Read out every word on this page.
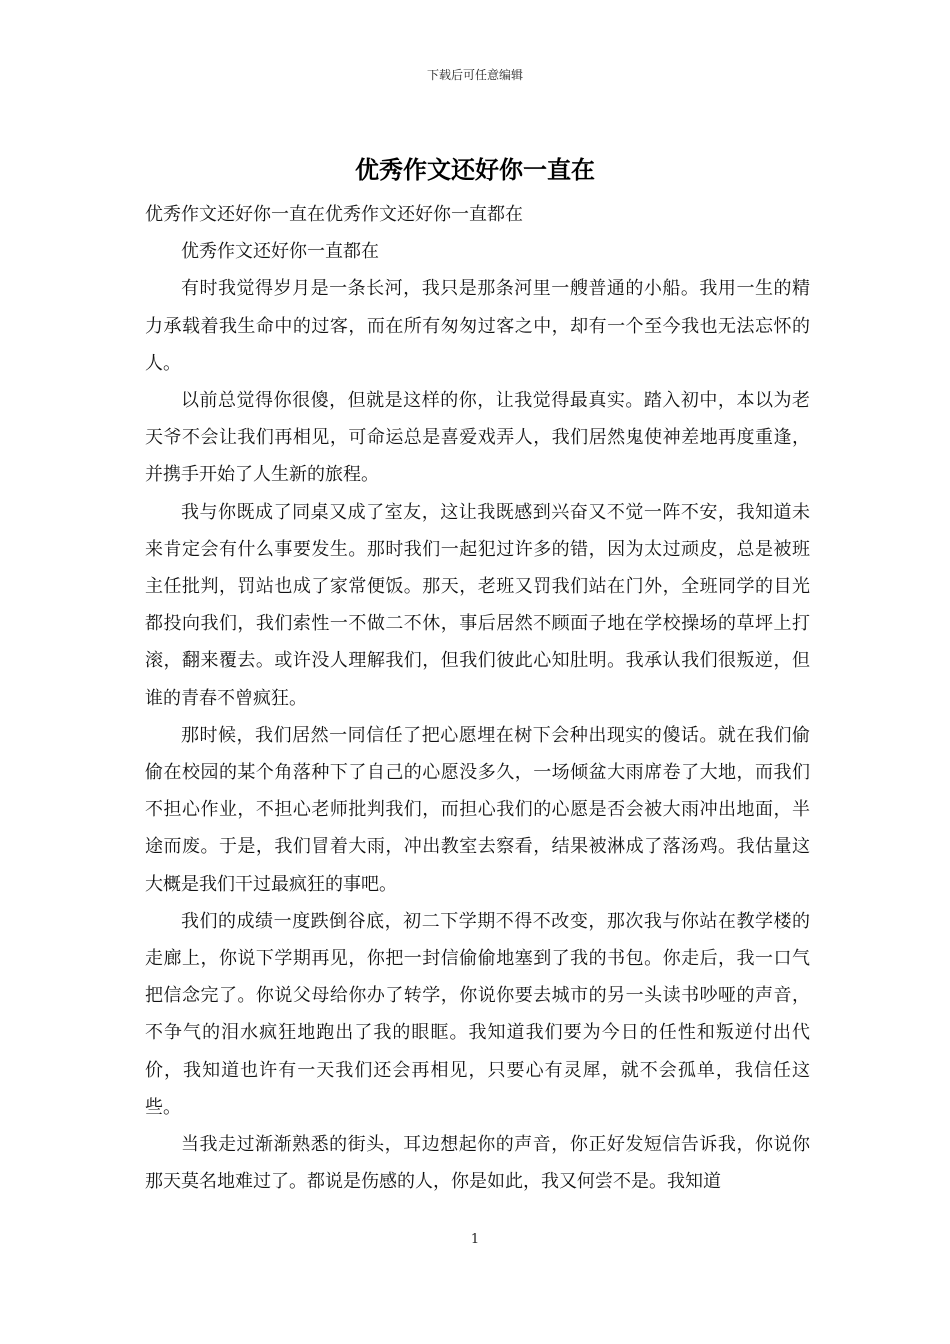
下载后可任意编辑
优秀作文还好你一直在

优秀作文还好你一直在优秀作文还好你一直都在

优秀作文还好你一直都在

有时我觉得岁月是一条长河，我只是那条河里一艘普通的小船。我用一生的精力承载着我生命中的过客，而在所有匆匆过客之中，却有一个至今我也无法忘怀的人。

以前总觉得你很傻，但就是这样的你，让我觉得最真实。踏入初中，本以为老天爷不会让我们再相见，可命运总是喜爱戏弄人，我们居然鬼使神差地再度重逢，并携手开始了人生新的旅程。

我与你既成了同桌又成了室友，这让我既感到兴奋又不觉一阵不安，我知道未来肯定会有什么事要发生。那时我们一起犯过许多的错，因为太过顽皮，总是被班主任批判，罚站也成了家常便饭。那天，老班又罚我们站在门外，全班同学的目光都投向我们，我们索性一不做二不休，事后居然不顾面子地在学校操场的草坪上打滚，翻来覆去。或许没人理解我们，但我们彼此心知肚明。我承认我们很叛逆，但谁的青春不曾疯狂。

那时候，我们居然一同信任了把心愿埋在树下会种出现实的傻话。就在我们偷偷在校园的某个角落种下了自己的心愿没多久，一场倾盆大雨席卷了大地，而我们不担心作业，不担心老师批判我们，而担心我们的心愿是否会被大雨冲出地面，半途而废。于是，我们冒着大雨，冲出教室去察看，结果被淋成了落汤鸡。我估量这大概是我们干过最疯狂的事吧。

我们的成绩一度跌倒谷底，初二下学期不得不改变，那次我与你站在教学楼的走廊上，你说下学期再见，你把一封信偷偷地塞到了我的书包。你走后，我一口气把信念完了。你说父母给你办了转学，你说你要去城市的另一头读书吵哑的声音，不争气的泪水疯狂地跑出了我的眼眶。我知道我们要为今日的任性和叛逆付出代价，我知道也许有一天我们还会再相见，只要心有灵犀，就不会孤单，我信任这些。

当我走过渐渐熟悉的街头，耳边想起你的声音，你正好发短信告诉我，你说你那天莫名地难过了。都说是伤感的人，你是如此，我又何尝不是。我知道

1
